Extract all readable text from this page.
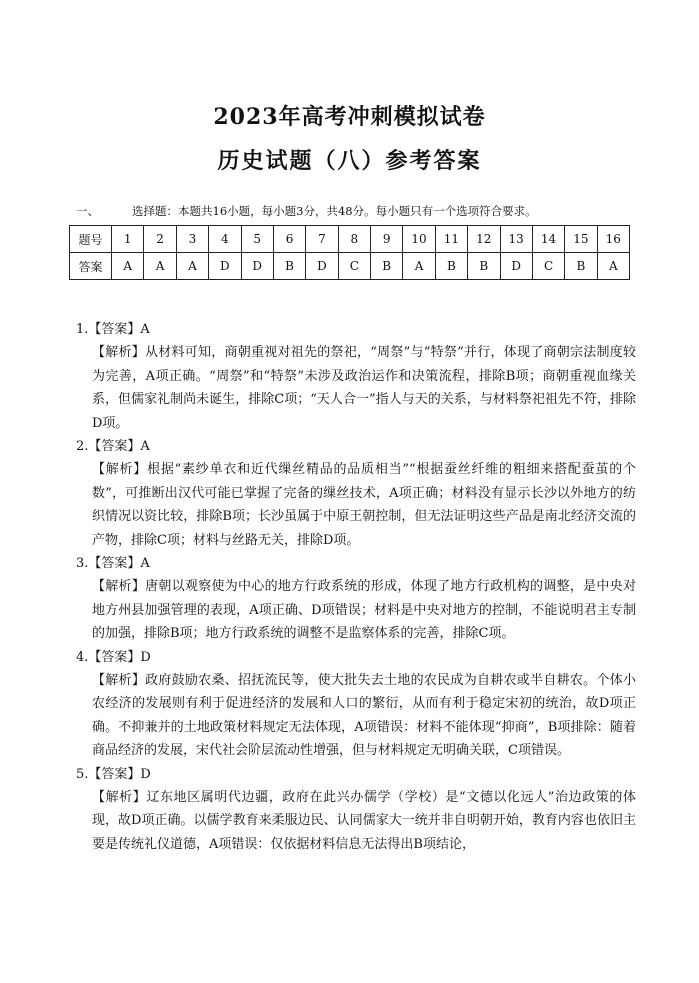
2023年高考冲刺模拟试卷
历史试题（八）参考答案
一、	选择题：本题共16小题，每小题3分，共48分。每小题只有一个选项符合要求。
题号	1	2	3	4	5	6	7	8	9	10	11	12	13	14	15	16
答案	A	A	A	D	D	B	D	C	B	A	B	B	D	C	B	A
1.【答案】A

【解析】从材料可知，商朝重视对祖先的祭祀，“周祭”与“特祭”并行，体现了商朝宗法制度较为完善，A项正确。“周祭”和“特祭”未涉及政治运作和决策流程，排除B项；商朝重视血缘关系，但儒家礼制尚未诞生，排除C项；“天人合一”指人与天的关系，与材料祭祀祖先不符，排除D项。

2.【答案】A

【解析】根据“素纱单衣和近代缫丝精品的品质相当”“根据蚕丝纤维的粗细来搭配蚕茧的个数”，可推断出汉代可能已掌握了完备的缫丝技术，A项正确；材料没有显示长沙以外地方的纺织情况以资比较，排除B项；长沙虽属于中原王朝控制，但无法证明这些产品是南北经济交流的产物，排除C项；材料与丝路无关，排除D项。

3.【答案】A

【解析】唐朝以观察使为中心的地方行政系统的形成，体现了地方行政机构的调整，是中央对地方州县加强管理的表现，A项正确、D项错误；材料是中央对地方的控制，不能说明君主专制的加强，排除B项；地方行政系统的调整不是监察体系的完善，排除C项。

4.【答案】D

【解析】政府鼓励农桑、招抚流民等，使大批失去土地的农民成为自耕农或半自耕农。个体小农经济的发展则有利于促进经济的发展和人口的繁衍，从而有利于稳定宋初的统治，故D项正确。不抑兼并的土地政策材料规定无法体现，A项错误：材料不能体现“抑商”，B项排除：随着商品经济的发展，宋代社会阶层流动性增强，但与材料规定无明确关联，C项错误。

5.【答案】D

【解析】辽东地区属明代边疆，政府在此兴办儒学（学校）是“文德以化远人”治边政策的体现，故D项正确。以儒学教育来柔服边民、认同儒家大一统并非自明朝开始，教育内容也依旧主要是传统礼仪道德，A项错误：仅依据材料信息无法得出B项结论，
